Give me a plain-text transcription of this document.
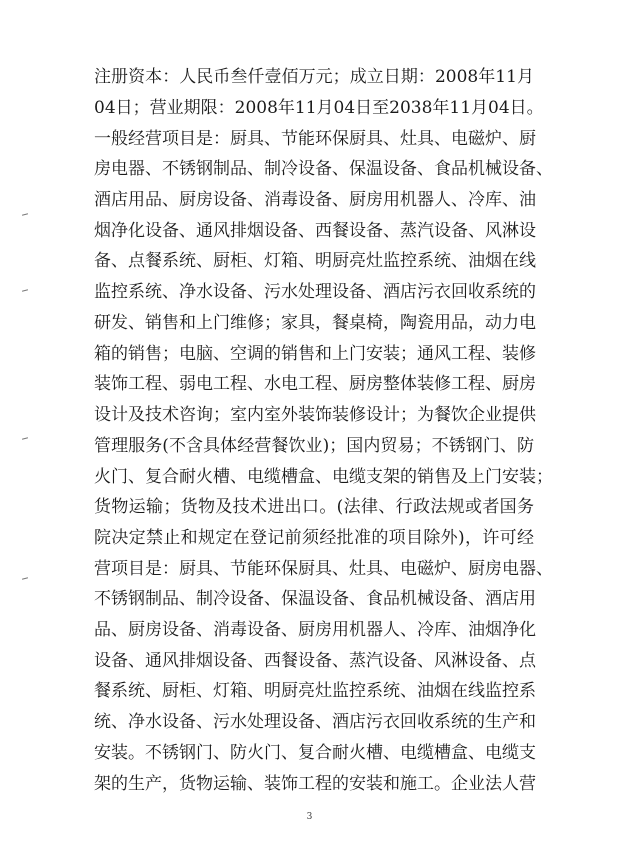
注册资本：人民币叁仟壹佰万元；成立日期：2008年11月
04日；营业期限：2008年11月04日至2038年11月04日。
一般经营项目是：厨具、节能环保厨具、灶具、电磁炉、厨
房电器、不锈钢制品、制冷设备、保温设备、食品机械设备、
酒店用品、厨房设备、消毒设备、厨房用机器人、冷库、油
烟净化设备、通风排烟设备、西餐设备、蒸汽设备、风淋设
备、点餐系统、厨柜、灯箱、明厨亮灶监控系统、油烟在线
监控系统、净水设备、污水处理设备、酒店污衣回收系统的
研发、销售和上门维修；家具，餐桌椅，陶瓷用品，动力电
箱的销售；电脑、空调的销售和上门安装；通风工程、装修
装饰工程、弱电工程、水电工程、厨房整体装修工程、厨房
设计及技术咨询；室内室外装饰装修设计；为餐饮企业提供
管理服务(不含具体经营餐饮业)；国内贸易；不锈钢门、防
火门、复合耐火槽、电缆槽盒、电缆支架的销售及上门安装；
货物运输；货物及技术进出口。(法律、行政法规或者国务
院决定禁止和规定在登记前须经批准的项目除外)，许可经
营项目是：厨具、节能环保厨具、灶具、电磁炉、厨房电器、
不锈钢制品、制冷设备、保温设备、食品机械设备、酒店用
品、厨房设备、消毒设备、厨房用机器人、冷库、油烟净化
设备、通风排烟设备、西餐设备、蒸汽设备、风淋设备、点
餐系统、厨柜、灯箱、明厨亮灶监控系统、油烟在线监控系
统、净水设备、污水处理设备、酒店污衣回收系统的生产和
安装。不锈钢门、防火门、复合耐火槽、电缆槽盒、电缆支
架的生产，货物运输、装饰工程的安装和施工。企业法人营
3
